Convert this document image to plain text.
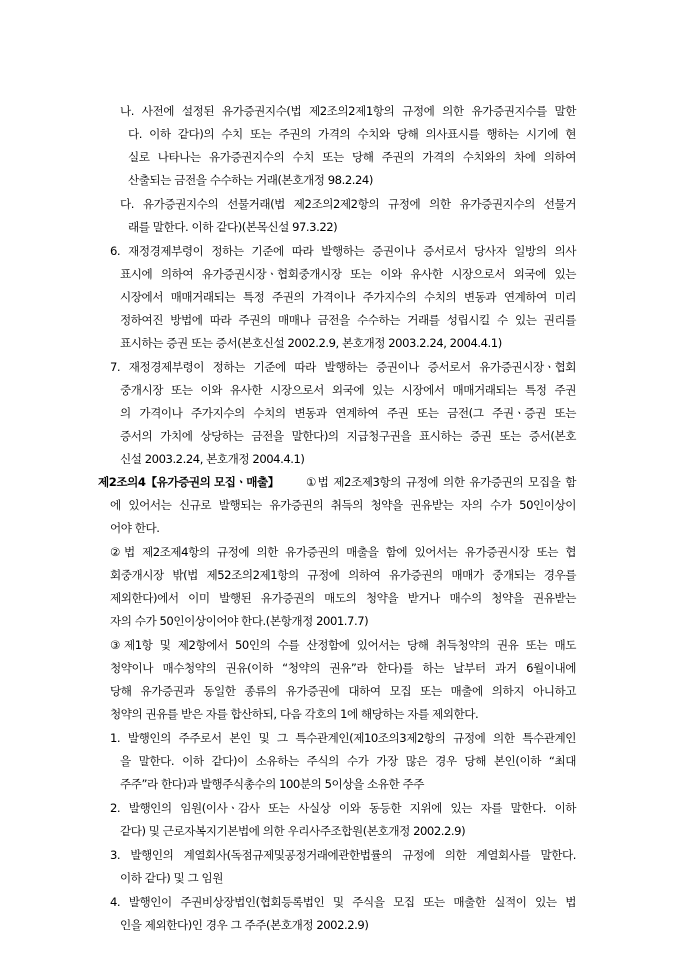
나. 사전에 설정된 유가증권지수(법 제2조의2제1항의 규정에 의한 유가증권지수를 말한
다. 이하 같다)의 수치 또는 주권의 가격의 수치와 당해 의사표시를 행하는 시기에 현
실로 나타나는 유가증권지수의 수치 또는 당해 주권의 가격의 수치와의 차에 의하여
산출되는 금전을 수수하는 거래(본호개정 98.2.24)
다. 유가증권지수의 선물거래(법 제2조의2제2항의 규정에 의한 유가증권지수의 선물거
래를 말한다. 이하 같다)(본목신설 97.3.22)
6. 재정경제부령이 정하는 기준에 따라 발행하는 증권이나 증서로서 당사자 일방의 의사
표시에 의하여 유가증권시장ㆍ협회중개시장 또는 이와 유사한 시장으로서 외국에 있는
시장에서 매매거래되는 특정 주권의 가격이나 주가지수의 수치의 변동과 연계하여 미리
정하여진 방법에 따라 주권의 매매나 금전을 수수하는 거래를 성립시킬 수 있는 권리를
표시하는 증권 또는 증서(본호신설 2002.2.9, 본호개정 2003.2.24, 2004.4.1)
7. 재정경제부령이 정하는 기준에 따라 발행하는 증권이나 증서로서 유가증권시장ㆍ협회
중개시장 또는 이와 유사한 시장으로서 외국에 있는 시장에서 매매거래되는 특정 주권
의 가격이나 주가지수의 수치의 변동과 연계하여 주권 또는 금전(그 주권ㆍ증권 또는
증서의 가치에 상당하는 금전을 말한다)의 지급청구권을 표시하는 증권 또는 증서(본호
신설 2003.2.24, 본호개정 2004.4.1)
제2조의4【유가증권의 모집ㆍ매출】 ①법 제2조제3항의 규정에 의한 유가증권의 모집을 함
에 있어서는 신규로 발행되는 유가증권의 취득의 청약을 권유받는 자의 수가 50인이상이
어야 한다.
②법 제2조제4항의 규정에 의한 유가증권의 매출을 함에 있어서는 유가증권시장 또는 협
회중개시장 밖(법 제52조의2제1항의 규정에 의하여 유가증권의 매매가 중개되는 경우를
제외한다)에서 이미 발행된 유가증권의 매도의 청약을 받거나 매수의 청약을 권유받는
자의 수가 50인이상이어야 한다.(본항개정 2001.7.7)
③제1항 및 제2항에서 50인의 수를 산정함에 있어서는 당해 취득청약의 권유 또는 매도
청약이나 매수청약의 권유(이하 “청약의 권유”라 한다)를 하는 날부터 과거 6월이내에
당해 유가증권과 동일한 종류의 유가증권에 대하여 모집 또는 매출에 의하지 아니하고
청약의 권유를 받은 자를 합산하되, 다음 각호의 1에 해당하는 자를 제외한다.
1. 발행인의 주주로서 본인 및 그 특수관계인(제10조의3제2항의 규정에 의한 특수관계인
을 말한다. 이하 같다)이 소유하는 주식의 수가 가장 많은 경우 당해 본인(이하 “최대
주주”라 한다)과 발행주식총수의 100분의 5이상을 소유한 주주
2. 발행인의 임원(이사ㆍ감사 또는 사실상 이와 동등한 지위에 있는 자를 말한다. 이하
같다) 및 근로자복지기본법에 의한 우리사주조합원(본호개정 2002.2.9)
3. 발행인의 계열회사(독점규제및공정거래에관한법률의 규정에 의한 계열회사를 말한다.
이하 같다) 및 그 임원
4. 발행인이 주권비상장법인(협회등록법인 및 주식을 모집 또는 매출한 실적이 있는 법
인을 제외한다)인 경우 그 주주(본호개정 2002.2.9)
